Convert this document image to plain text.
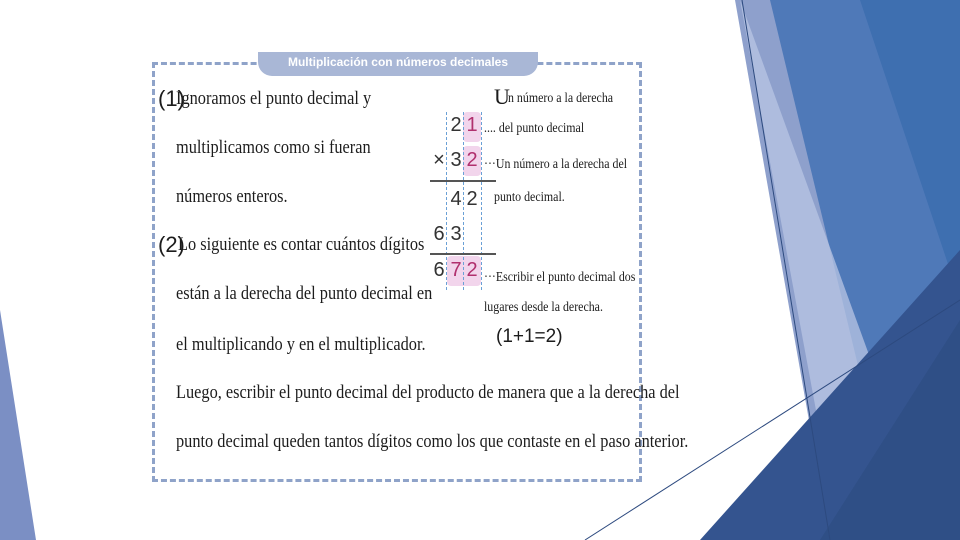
Multiplicación con números decimales
(1)
Ignoramos el punto decimal y
multiplicamos como si fueran
números enteros.
(2)
Lo siguiente es contar cuántos dígitos
están a la derecha del punto decimal en
el multiplicando y en el multiplicador.
Luego, escribir el punto decimal del producto de manera que a la derecha del
punto decimal queden tantos dígitos como los que contaste en el paso anterior.
2 1
× 3 2
4 2
6 3
6 7 2
U
n número a la derecha
.... del punto decimal
···Un número a la derecha del
punto decimal.
···Escribir el punto decimal dos
lugares desde la derecha.
(1+1=2)
